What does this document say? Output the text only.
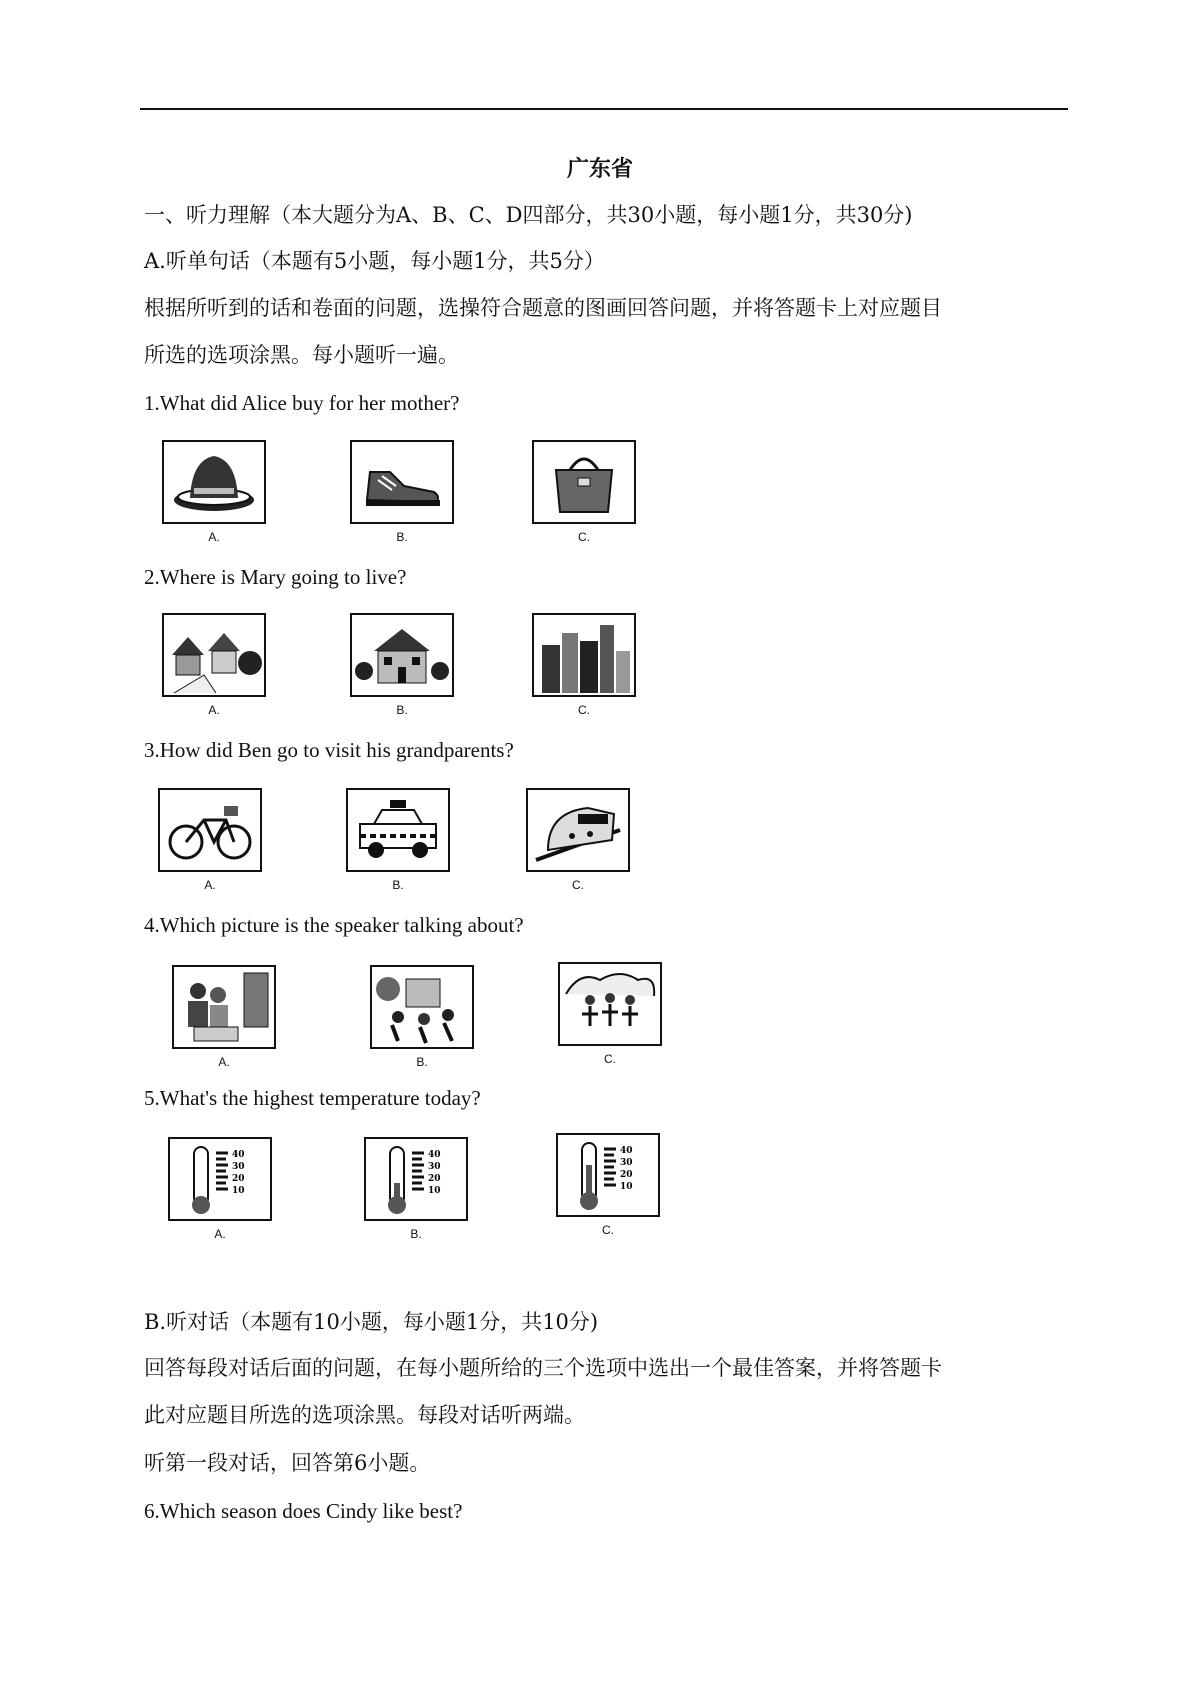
广东省
一、听力理解（本大题分为A、B、C、D四部分，共30小题，每小题1分，共30分)
A.听单句话（本题有5小题，每小题1分，共5分）
根据所听到的话和卷面的问题，选操符合题意的图画回答问题，并将答题卡上对应题目
所选的选项涂黑。每小题听一遍。
1.What did Alice buy for her mother?
A.	B.	C.
2.Where is Mary going to live?
A.	B.	C.
3.How did Ben go to visit his grandparents?
A.	B.	C.
4.Which picture is the speaker talking about?
A.	B.	C.
5.What's the highest temperature today?
40
30
20
10
A.
40
30
20
10
B.
40
30
20
10
C.
B.听对话（本题有10小题，每小题1分，共10分)
回答每段对话后面的问题，在每小题所给的三个选项中选出一个最佳答案，并将答题卡
此对应题目所选的选项涂黑。每段对话听两端。
听第一段对话，回答第6小题。
6.Which season does Cindy like best?
